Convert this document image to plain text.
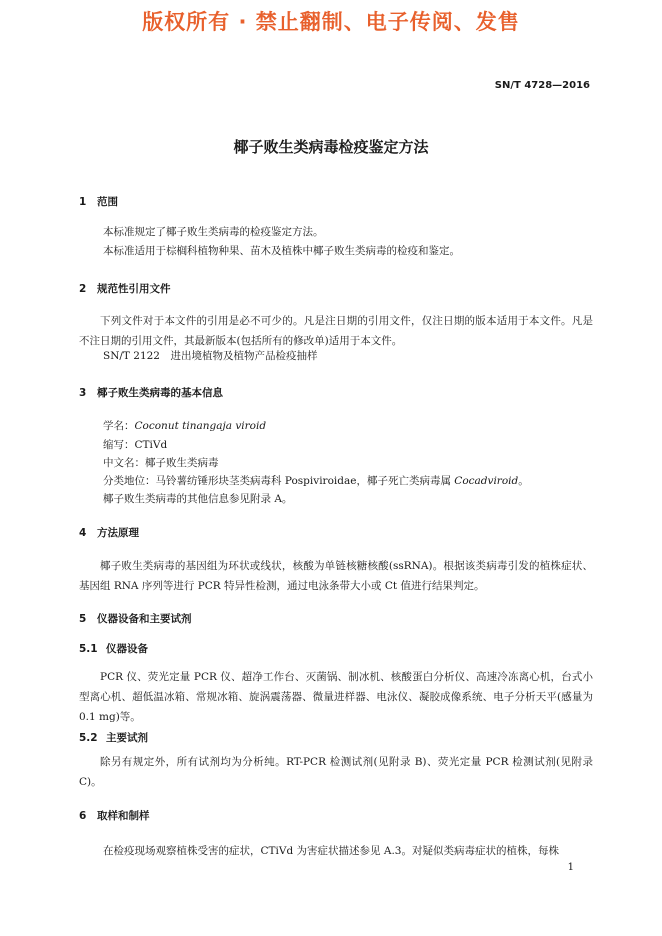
版权所有 · 禁止翻制、电子传阅、发售
SN/T 4728—2016
椰子败生类病毒检疫鉴定方法
1 范围
本标准规定了椰子败生类病毒的检疫鉴定方法。
本标准适用于棕榈科植物种果、苗木及植株中椰子败生类病毒的检疫和鉴定。
2 规范性引用文件
下列文件对于本文件的引用是必不可少的。凡是注日期的引用文件，仅注日期的版本适用于本文件。凡是不注日期的引用文件，其最新版本(包括所有的修改单)适用于本文件。
SN/T 2122　进出境植物及植物产品检疫抽样
3 椰子败生类病毒的基本信息
学名：Coconut tinangaja viroid
缩写：CTiVd
中文名：椰子败生类病毒
分类地位：马铃薯纺锤形块茎类病毒科 Pospiviroidae，椰子死亡类病毒属 Cocadviroid。
椰子败生类病毒的其他信息参见附录 A。
4 方法原理
椰子败生类病毒的基因组为环状或线状，核酸为单链核糖核酸(ssRNA)。根据该类病毒引发的植株症状、基因组 RNA 序列等进行 PCR 特异性检测，通过电泳条带大小或 Ct 值进行结果判定。
5 仪器设备和主要试剂
5.1 仪器设备
PCR 仪、荧光定量 PCR 仪、超净工作台、灭菌锅、制冰机、核酸蛋白分析仪、高速冷冻离心机，台式小型离心机、超低温冰箱、常规冰箱、旋涡震荡器、微量进样器、电泳仪、凝胶成像系统、电子分析天平(感量为 0.1 mg)等。
5.2 主要试剂
除另有规定外，所有试剂均为分析纯。RT-PCR 检测试剂(见附录 B)、荧光定量 PCR 检测试剂(见附录 C)。
6 取样和制样
在检疫现场观察植株受害的症状，CTiVd 为害症状描述参见 A.3。对疑似类病毒症状的植株，每株
1
